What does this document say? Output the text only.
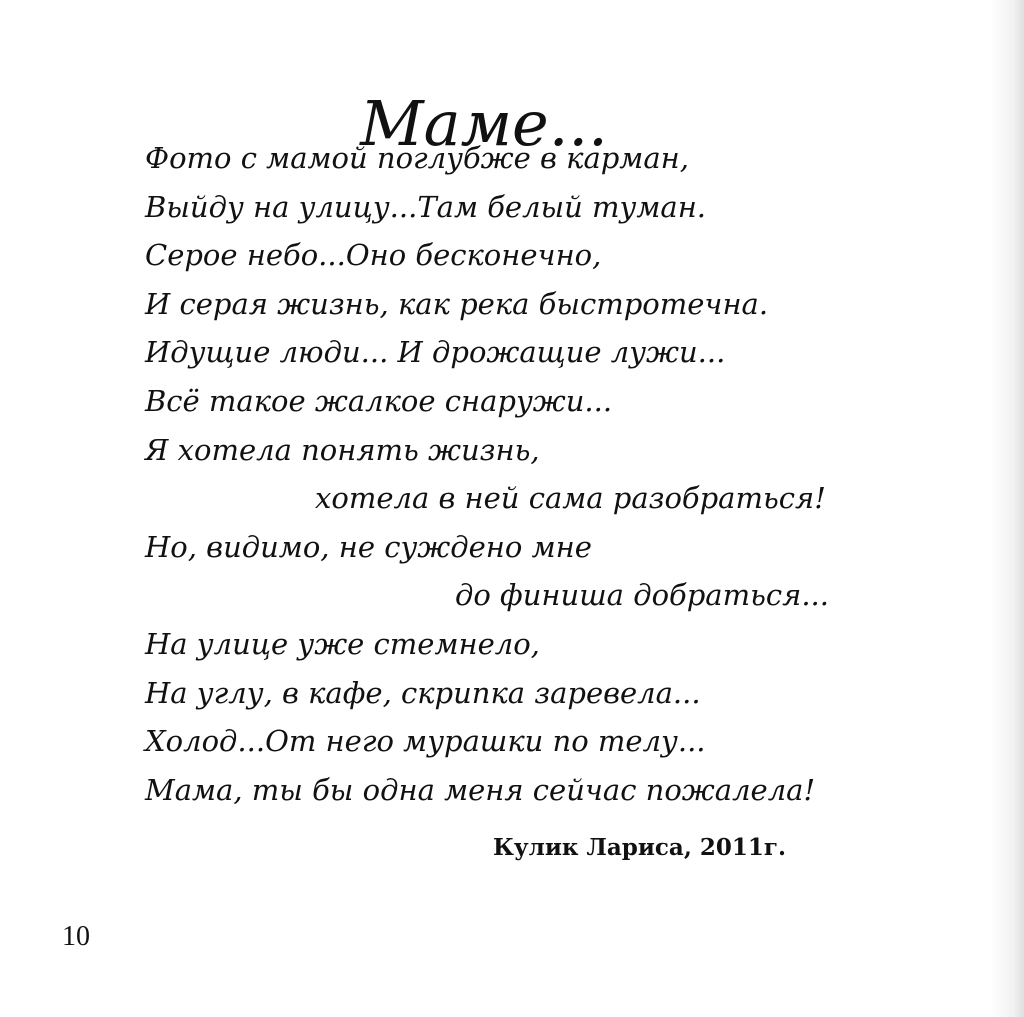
Маме...
Фото с мамой поглубже в карман,
Выйду на улицу...Там белый туман.
Серое небо...Оно бесконечно,
И серая жизнь, как река быстротечна.
Идущие люди... И дрожащие лужи...
Всё такое жалкое снаружи...
Я хотела понять жизнь,
хотела в ней сама разобраться!
Но, видимо, не суждено мне
до финиша добраться...
На улице уже стемнело,
На углу, в кафе, скрипка заревела...
Холод...От него мурашки по телу...
Мама, ты бы одна меня сейчас пожалела!
Кулик Лариса, 2011г.
10
